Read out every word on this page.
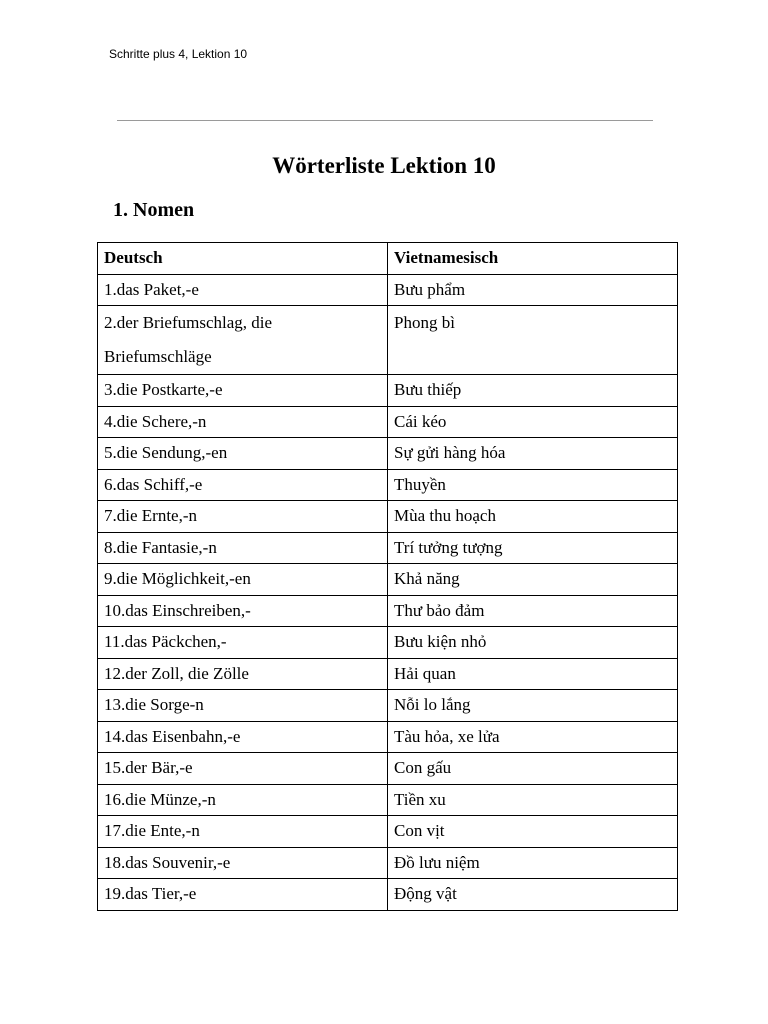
Schritte plus 4, Lektion 10
Wörterliste Lektion 10
1. Nomen
Deutsch	Vietnamesisch
1.das Paket,-e	Bưu phẩm
2.der Briefumschlag, die Briefumschläge	Phong bì
3.die Postkarte,-e	Bưu thiếp
4.die Schere,-n	Cái kéo
5.die Sendung,-en	Sự gửi hàng hóa
6.das Schiff,-e	Thuyền
7.die Ernte,-n	Mùa thu hoạch
8.die Fantasie,-n	Trí tưởng tượng
9.die Möglichkeit,-en	Khả năng
10.das Einschreiben,-	Thư bảo đảm
11.das Päckchen,-	Bưu kiện nhỏ
12.der Zoll, die Zölle	Hải quan
13.die Sorge-n	Nỗi lo lắng
14.das Eisenbahn,-e	Tàu hỏa, xe lửa
15.der Bär,-e	Con gấu
16.die Münze,-n	Tiền xu
17.die Ente,-n	Con vịt
18.das Souvenir,-e	Đồ lưu niệm
19.das Tier,-e	Động vật
